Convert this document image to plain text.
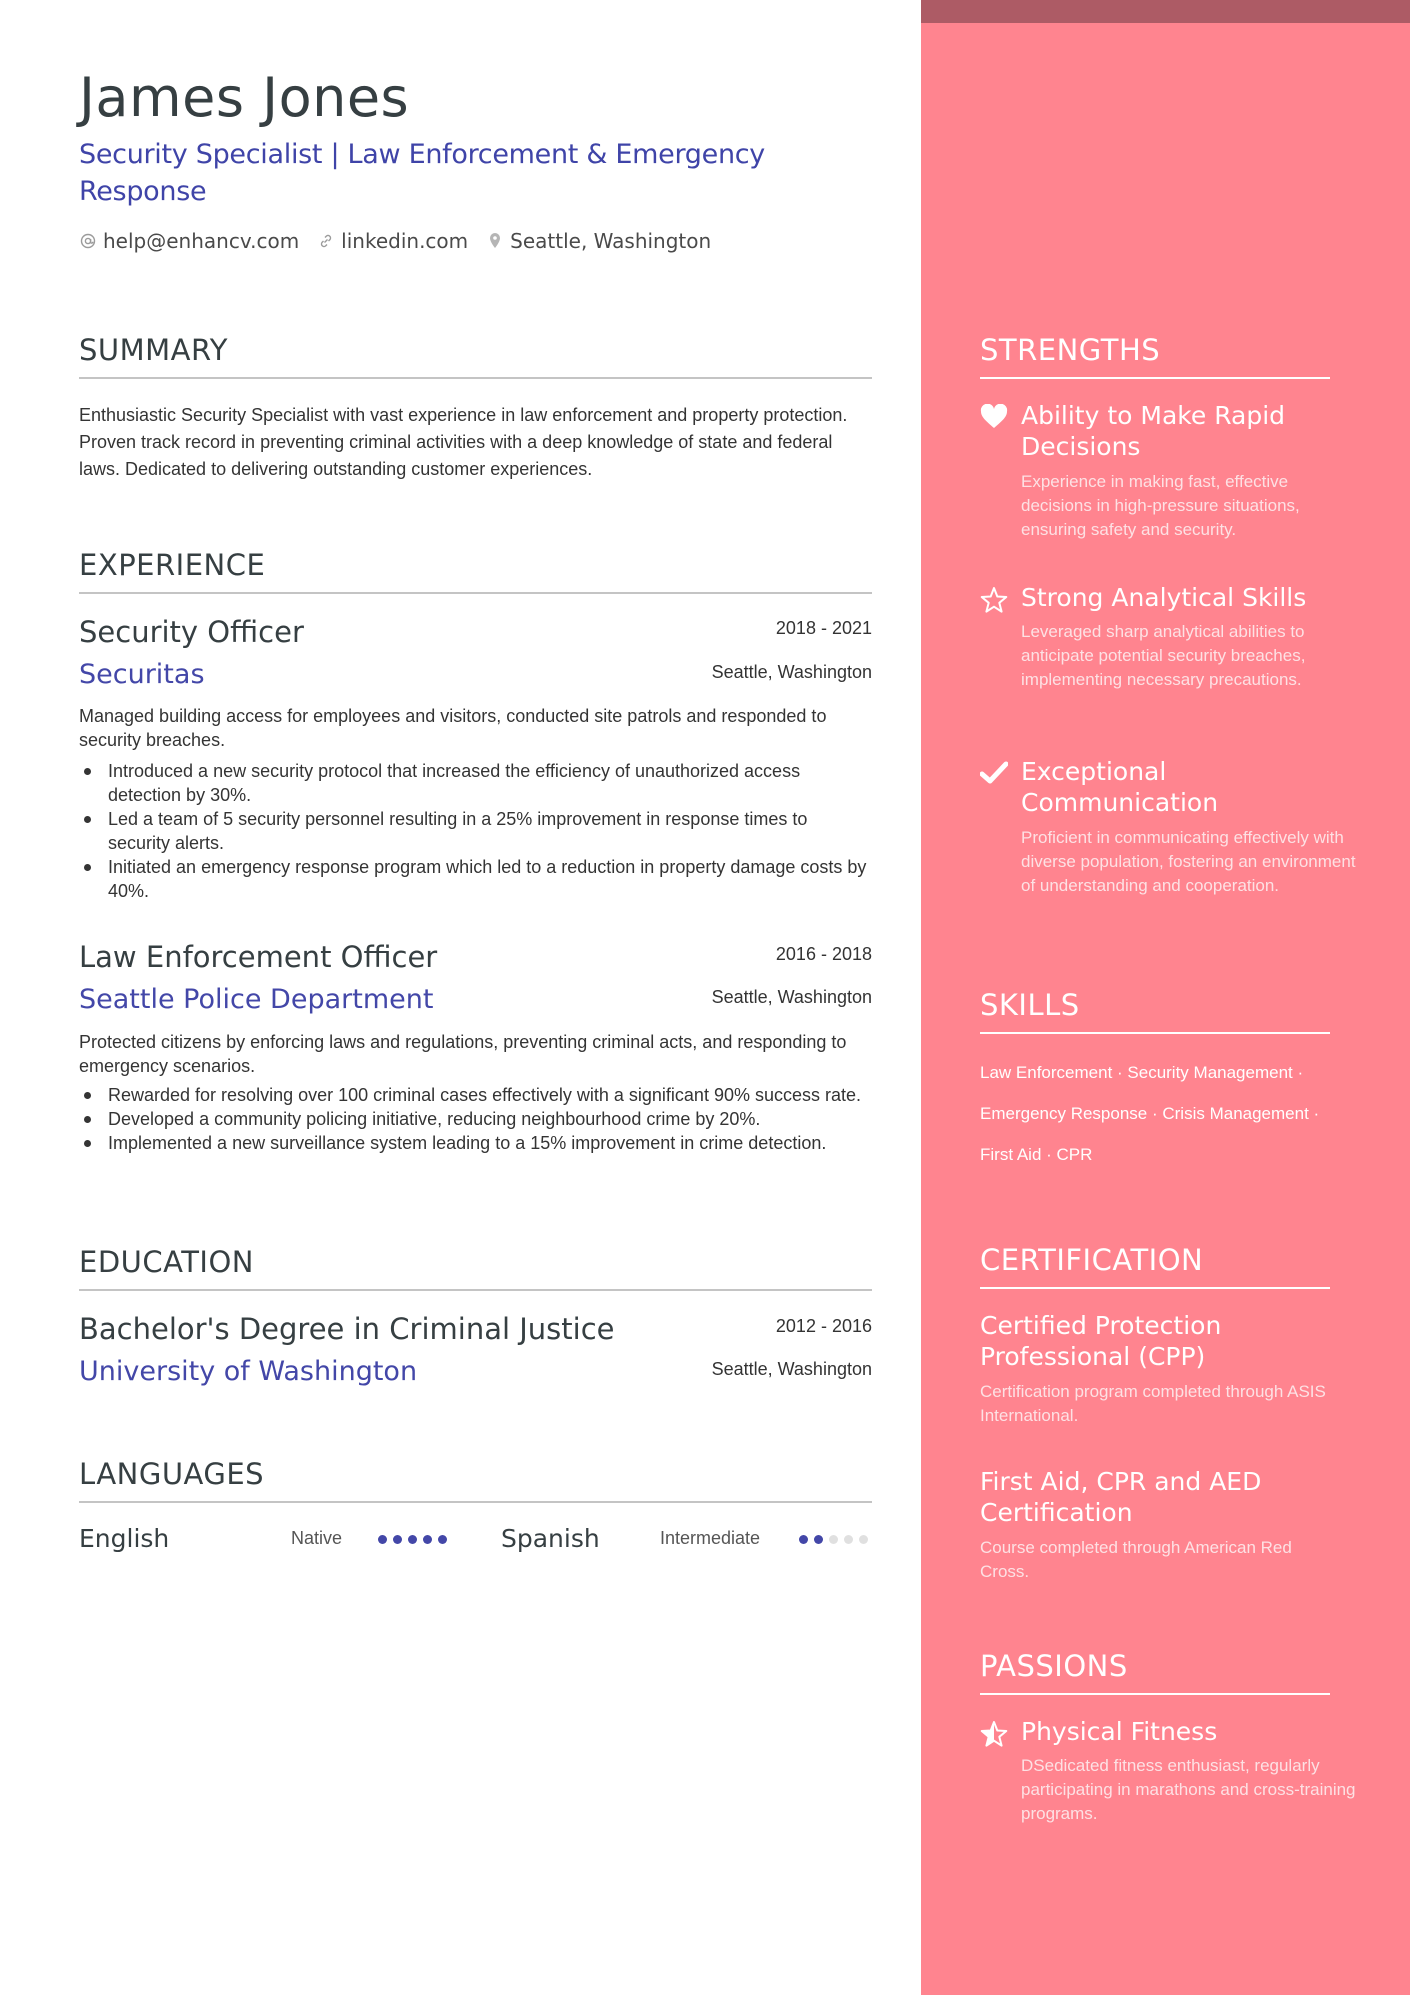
James Jones
Security Specialist | Law Enforcement & Emergency Response
help@enhancv.com linkedin.com Seattle, Washington
SUMMARY
Enthusiastic Security Specialist with vast experience in law enforcement and property protection. Proven track record in preventing criminal activities with a deep knowledge of state and federal laws. Dedicated to delivering outstanding customer experiences.
EXPERIENCE
Security Officer	2018 - 2021
Securitas	Seattle, Washington
Managed building access for employees and visitors, conducted site patrols and responded to security breaches.
Introduced a new security protocol that increased the efficiency of unauthorized access detection by 30%.
Led a team of 5 security personnel resulting in a 25% improvement in response times to security alerts.
Initiated an emergency response program which led to a reduction in property damage costs by 40%.
Law Enforcement Officer	2016 - 2018
Seattle Police Department	Seattle, Washington
Protected citizens by enforcing laws and regulations, preventing criminal acts, and responding to emergency scenarios.
Rewarded for resolving over 100 criminal cases effectively with a significant 90% success rate.
Developed a community policing initiative, reducing neighbourhood crime by 20%.
Implemented a new surveillance system leading to a 15% improvement in crime detection.
EDUCATION
Bachelor's Degree in Criminal Justice	2012 - 2016
University of Washington	Seattle, Washington
LANGUAGES
English	Native	Spanish	Intermediate
STRENGTHS
Ability to Make Rapid Decisions
Experience in making fast, effective decisions in high-pressure situations, ensuring safety and security.
Strong Analytical Skills
Leveraged sharp analytical abilities to anticipate potential security breaches, implementing necessary precautions.
Exceptional Communication
Proficient in communicating effectively with diverse population, fostering an environment of understanding and cooperation.
SKILLS
Law Enforcement · Security Management ·
Emergency Response · Crisis Management ·
First Aid · CPR
CERTIFICATION
Certified Protection Professional (CPP)
Certification program completed through ASIS International.
First Aid, CPR and AED Certification
Course completed through American Red Cross.
PASSIONS
Physical Fitness
DSedicated fitness enthusiast, regularly participating in marathons and cross-training programs.
